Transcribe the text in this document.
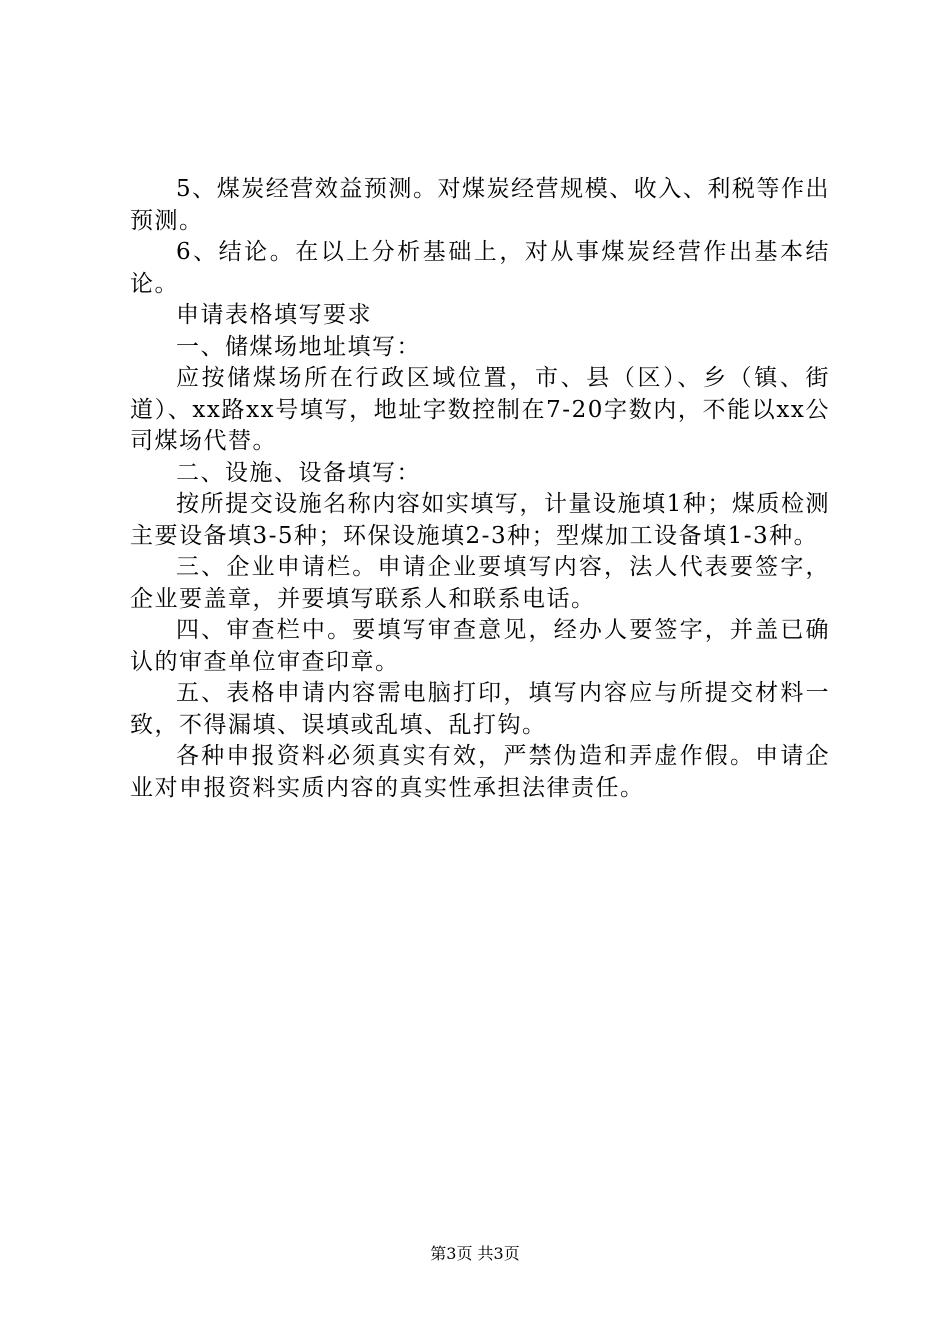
5、煤炭经营效益预测。对煤炭经营规模、收入、利税等作出预测。

6、结论。在以上分析基础上，对从事煤炭经营作出基本结论。

申请表格填写要求

一、储煤场地址填写：

应按储煤场所在行政区域位置，市、县（区）、乡（镇、街道）、xx路xx号填写，地址字数控制在7-20字数内，不能以xx公司煤场代替。

二、设施、设备填写：

按所提交设施名称内容如实填写，计量设施填1种；煤质检测主要设备填3-5种；环保设施填2-3种；型煤加工设备填1-3种。

三、企业申请栏。申请企业要填写内容，法人代表要签字，企业要盖章，并要填写联系人和联系电话。

四、审查栏中。要填写审查意见，经办人要签字，并盖已确认的审查单位审查印章。

五、表格申请内容需电脑打印，填写内容应与所提交材料一致，不得漏填、误填或乱填、乱打钩。

各种申报资料必须真实有效，严禁伪造和弄虚作假。申请企业对申报资料实质内容的真实性承担法律责任。

第3页 共3页
